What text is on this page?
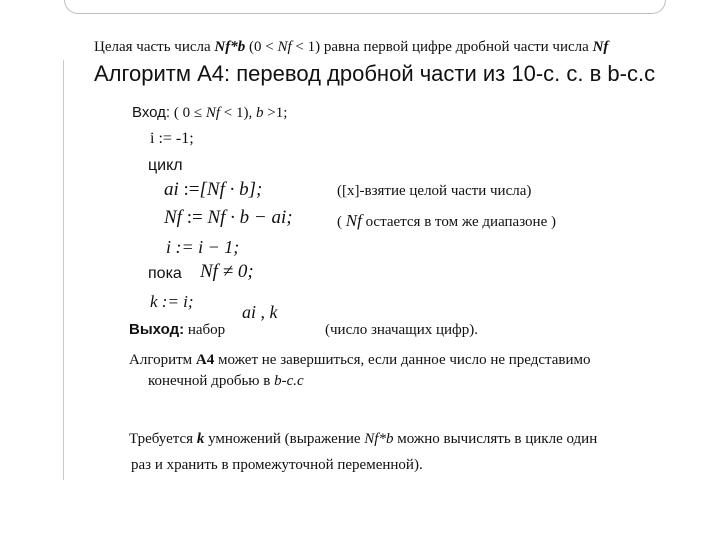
Целая часть числа Nf*b (0 < Nf < 1) равна первой цифре дробной части числа Nf
Алгоритм А4: перевод дробной части из 10-с. с. в b-с.с
Вход: ( 0 ≤ Nf < 1), b >1;
i := -1;
цикл
ai :=[Nf · b];	([x]-взятие целой части числа)
Nf := Nf · b − ai;	( Nf остается в том же диапазоне )
i := i − 1;
пока Nf ≠ 0;
k := i;
Выход: набор
ai , k
(число значащих цифр).
Алгоритм А4 может не завершиться, если данное число не представимо
конечной дробью в b-с.с
Требуется k умножений (выражение Nf*b можно вычислять в цикле один
раз и хранить в промежуточной переменной).
